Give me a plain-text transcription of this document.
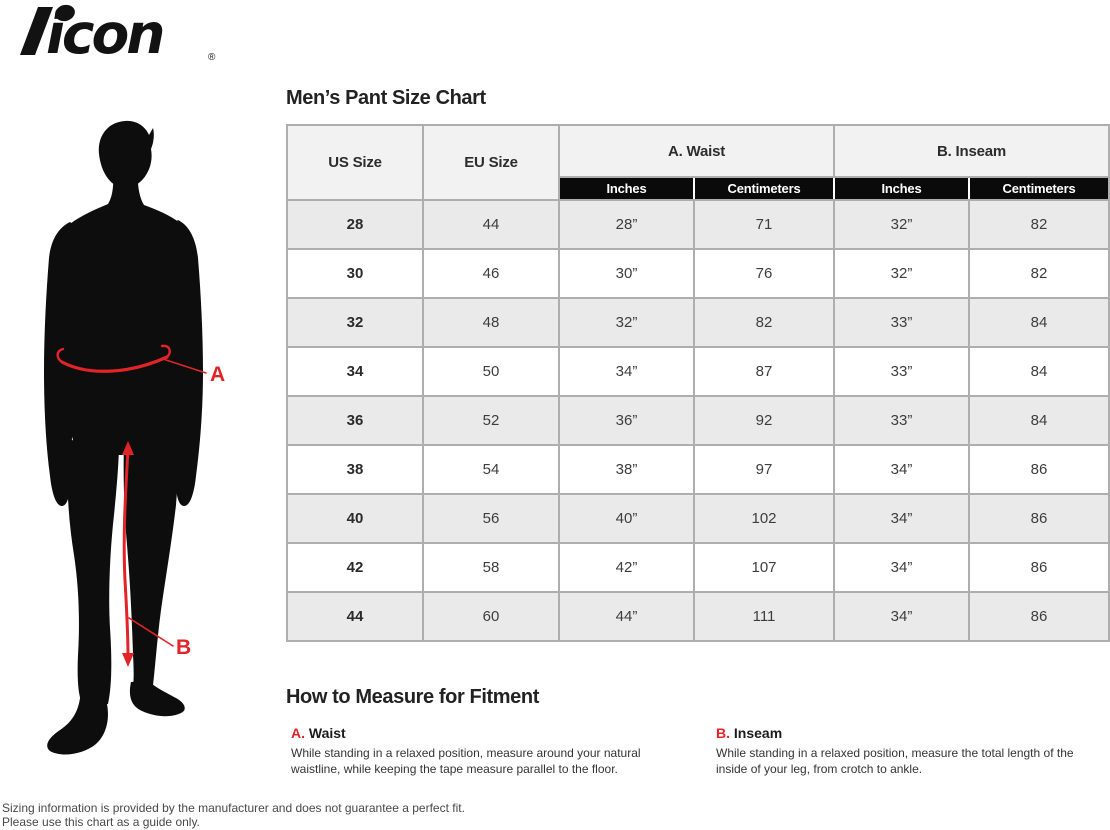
icon	®
A
B
Men’s Pant Size Chart
US Size	EU Size	A. Waist		B. Inseam	
		Inches	Centimeters	Inches	Centimeters
28	44	28”	71	32”	82
30	46	30”	76	32”	82
32	48	32”	82	33”	84
34	50	34”	87	33”	84
36	52	36”	92	33”	84
38	54	38”	97	34”	86
40	56	40”	102	34”	86
42	58	42”	107	34”	86
44	60	44”	111	34”	86
How to Measure for Fitment
A. Waist

While standing in a relaxed position, measure around your natural waistline, while keeping the tape measure parallel to the floor.

B. Inseam

While standing in a relaxed position, measure the total length of the inside of your leg, from crotch to ankle.

Sizing information is provided by the manufacturer and does not guarantee a perfect fit.
Please use this chart as a guide only.
